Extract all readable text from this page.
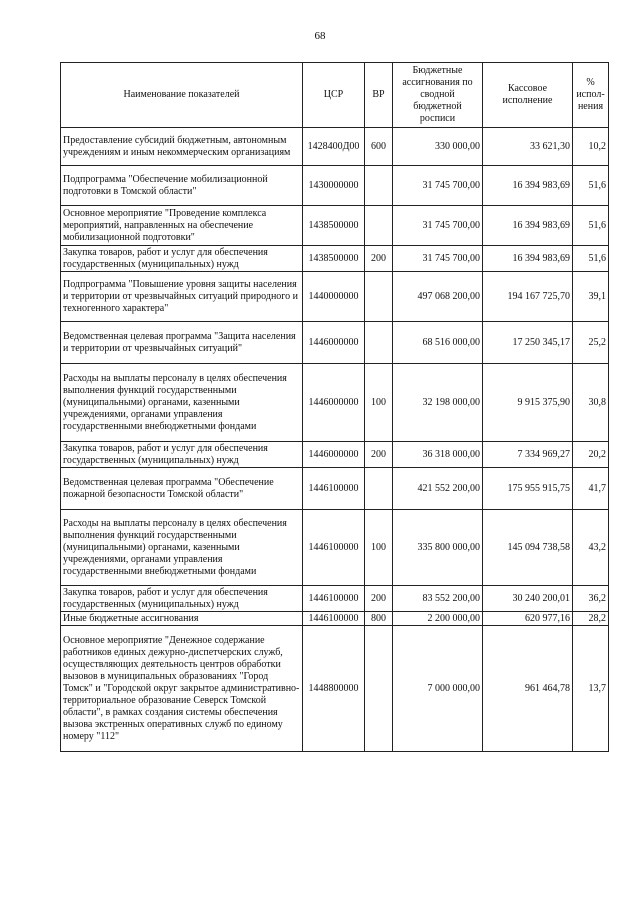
68
Наименование показателей	ЦСР	ВР	Бюджетные ассигнования по сводной бюджетной росписи	Кассовое исполнение	% испол-нения
Предоставление субсидий бюджетным, автономным учреждениям и иным некоммерческим организациям	1428400Д00	600	330 000,00	33 621,30	10,2
Подпрограмма "Обеспечение мобилизационной подготовки в Томской области"	1430000000		31 745 700,00	16 394 983,69	51,6
Основное мероприятие "Проведение комплекса мероприятий, направленных на обеспечение мобилизационной подготовки"	1438500000		31 745 700,00	16 394 983,69	51,6
Закупка товаров, работ и услуг для обеспечения государственных (муниципальных) нужд	1438500000	200	31 745 700,00	16 394 983,69	51,6
Подпрограмма "Повышение уровня защиты населения и территории от чрезвычайных ситуаций природного и техногенного характера"	1440000000		497 068 200,00	194 167 725,70	39,1
Ведомственная целевая программа "Защита населения и территории от чрезвычайных ситуаций"	1446000000		68 516 000,00	17 250 345,17	25,2
Расходы на выплаты персоналу в целях обеспечения выполнения функций государственными (муниципальными) органами, казенными учреждениями, органами управления государственными внебюджетными фондами	1446000000	100	32 198 000,00	9 915 375,90	30,8
Закупка товаров, работ и услуг для обеспечения государственных (муниципальных) нужд	1446000000	200	36 318 000,00	7 334 969,27	20,2
Ведомственная целевая программа "Обеспечение пожарной безопасности Томской области"	1446100000		421 552 200,00	175 955 915,75	41,7
Расходы на выплаты персоналу в целях обеспечения выполнения функций государственными (муниципальными) органами, казенными учреждениями, органами управления государственными внебюджетными фондами	1446100000	100	335 800 000,00	145 094 738,58	43,2
Закупка товаров, работ и услуг для обеспечения государственных (муниципальных) нужд	1446100000	200	83 552 200,00	30 240 200,01	36,2
Иные бюджетные ассигнования	1446100000	800	2 200 000,00	620 977,16	28,2
Основное мероприятие "Денежное содержание работников единых дежурно-диспетчерских служб, осуществляющих деятельность центров обработки вызовов в муниципальных образованиях "Город Томск" и "Городской округ закрытое административно-территориальное образование Северск Томской области", в рамках создания системы обеспечения вызова экстренных оперативных служб по единому номеру "112"	1448800000		7 000 000,00	961 464,78	13,7
